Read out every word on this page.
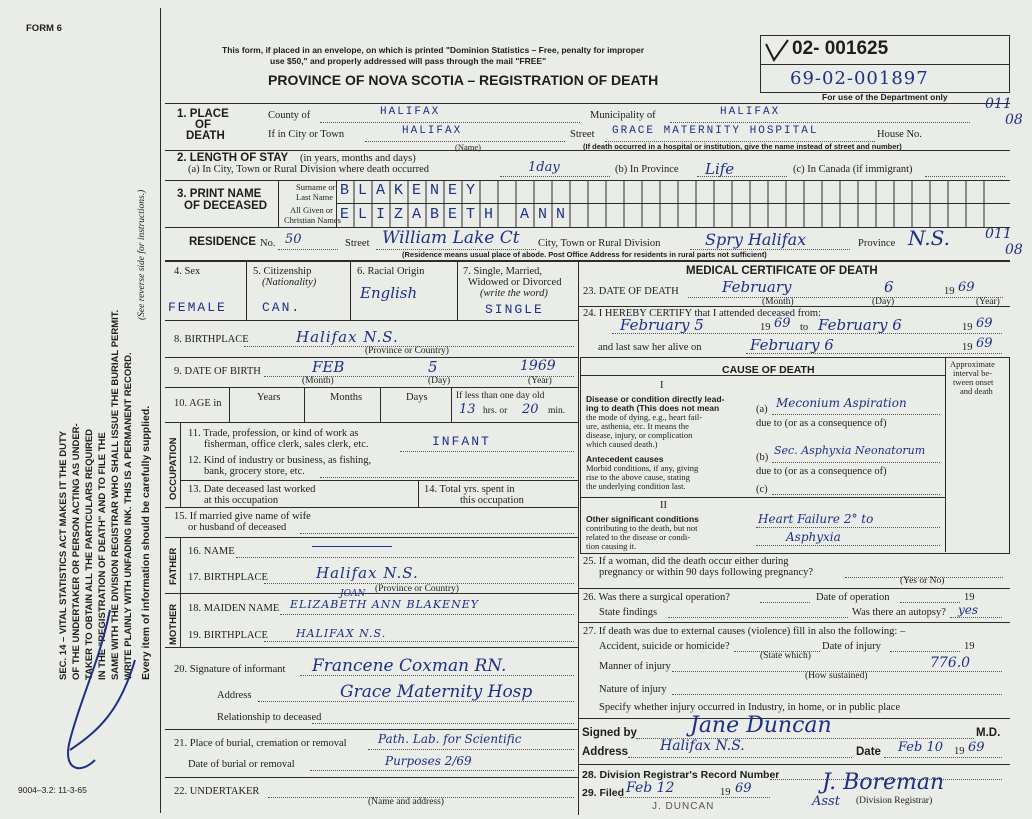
FORM 6
SEC. 14 – VITAL STATISTICS ACT MAKES IT THE DUTY OF THE UNDERTAKER OR PERSON ACTING AS UNDER- TAKER TO OBTAIN ALL THE PARTICULARS REQUIRED IN THE "REGISTRATION OF DEATH" AND TO FILE THE SAME WITH THE DIVISION REGISTRAR WHO SHALL ISSUE THE BURIAL PERMIT. WRITE PLAINLY WITH UNFADING INK. THIS IS A PERMANENT RECORD. Every item of information should be carefully supplied.
(See reverse side for instructions.)
9004–3.2: 11-3-65
This form, if placed in an envelope, on which is printed "Dominion Statistics – Free, penalty for improper
use $50," and properly addressed will pass through the mail "FREE"
PROVINCE OF NOVA SCOTIA – REGISTRATION OF DEATH
02- 001625
69-02-001897
For use of the Department only	011
08
011
08
1. PLACE
OF
DEATH
County of	HALIFAX	Municipality of	HALIFAX
If in City or Town	HALIFAX
(Name)
Street GRACE MATERNITY HOSPITAL	House No.
(If death occurred in a hospital or institution, give the name instead of street and number)
2. LENGTH OF STAY (in years, months and days)
(a) In City, Town or Rural Division where death occurred	1day	(b) In Province Life	(c) In Canada (if immigrant)
3. PRINT NAME
OF DECEASED
Surname or
Last Name
All Given or
Christian Names
BLAKENEY
ELIZABETH ANN
RESIDENCE No. 50	Street William Lake Ct City, Town or Rural Division	Spry Halifax	Province N.S.
(Residence means usual place of abode. Post Office Address for residents in rural parts not sufficient)
4. Sex
FEMALE
5. Citizenship
(Nationality)
CAN.
6. Racial Origin
English
7. Single, Married,
Widowed or Divorced
(write the word)
SINGLE
8. BIRTHPLACE	Halifax N.S.
(Province or Country)
9. DATE OF BIRTH	FEB	5	1969
(Month)	(Day)	(Year)
10. AGE in
Years	Months	Days	If less than one day old
13 hrs. or 20 min.
OCCUPATION
11. Trade, profession, or kind of work as
fisherman, office clerk, sales clerk, etc.	INFANT
12. Kind of industry or business, as fishing,
bank, grocery store, etc.
13. Date deceased last worked
at this occupation
14. Total yrs. spent in
this occupation
15. If married give name of wife
or husband of deceased
FATHER 16. NAME
17. BIRTHPLACE	Halifax N.S.
(Province or Country)
MOTHER 18. MAIDEN NAME ELIZABETH ANN BLAKENEY
JOAN
19. BIRTHPLACE	HALIFAX N.S.
20. Signature of informant Francene Coxman RN.
Address	Grace Maternity Hosp
Relationship to deceased
21. Place of burial, cremation or removal	Path. Lab. for Scientific
Date of burial or removal	Purposes 2/69
22. UNDERTAKER
(Name and address)
MEDICAL CERTIFICATE OF DEATH
23. DATE OF DEATH	February	6	19 69
(Month)	(Day)	(Year)
24. I HEREBY CERTIFY that I attended deceased from:
February 5	19 69 to February 6	19 69
and last saw her alive on	February 6	19 69
CAUSE OF DEATH	Approximate
interval be-
tween onset
and death
I
Disease or condition directly lead-
ing to death (This does not mean
the mode of dying, e.g., heart fail-
ure, asthenia, etc. It means the
disease, injury, or complication
which caused death.)
(a) Meconium Aspiration
due to (or as a consequence of)
(b)
Sec. Asphyxia Neonatorum
Antecedent causes
Morbid conditions, if any, giving
rise to the above cause, stating
the underlying condition last.
due to (or as a consequence of)
(c)
II
Other significant conditions
contributing to the death, but not
related to the disease or condi-
tion causing it.
Heart Failure 2° to
Asphyxia
25. If a woman, did the death occur either during
pregnancy or within 90 days following pregnancy?
(Yes or No)
26. Was there a surgical operation?	Date of operation	19
State findings	Was there an autopsy? yes
27. If death was due to external causes (violence) fill in also the following: –
Accident, suicide or homicide?
(State which)
Date of injury	19
Manner of injury	776.0
(How sustained)
Nature of injury
Specify whether injury occurred in Industry, in home, or in public place
Signed by Jane Duncan	M.D.
Address Halifax N.S.	Date Feb 10 19 69
28. Division Registrar's Record Number
29. Filed Feb 12	19 69	J. Boreman
Asst (Division Registrar)
J. DUNCAN
